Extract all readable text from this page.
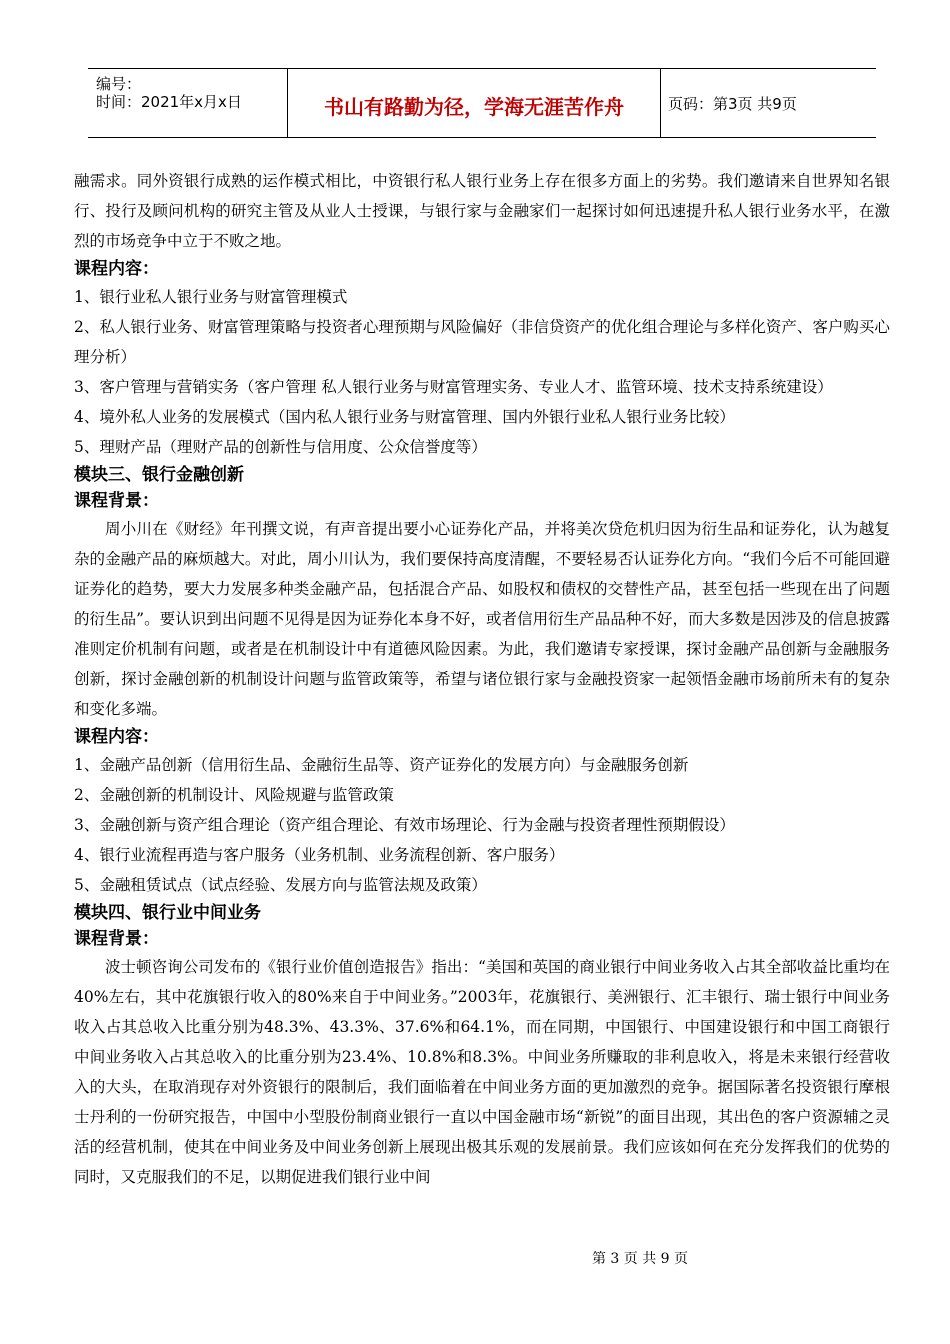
编号：
时间：2021年x月x日	书山有路勤为径，学海无涯苦作舟	页码：第3页 共9页

融需求。同外资银行成熟的运作模式相比，中资银行私人银行业务上存在很多方面上的劣势。我们邀请来自世界知名银行、投行及顾问机构的研究主管及从业人士授课，与银行家与金融家们一起探讨如何迅速提升私人银行业务水平，在激烈的市场竞争中立于不败之地。

课程内容：

1、银行业私人银行业务与财富管理模式

2、私人银行业务、财富管理策略与投资者心理预期与风险偏好（非信贷资产的优化组合理论与多样化资产、客户购买心理分析）

3、客户管理与营销实务（客户管理 私人银行业务与财富管理实务、专业人才、监管环境、技术支持系统建设）

4、境外私人业务的发展模式（国内私人银行业务与财富管理、国内外银行业私人银行业务比较）

5、理财产品（理财产品的创新性与信用度、公众信誉度等）

模块三、银行金融创新

课程背景：

周小川在《财经》年刊撰文说，有声音提出要小心证券化产品，并将美次贷危机归因为衍生品和证券化，认为越复杂的金融产品的麻烦越大。对此，周小川认为，我们要保持高度清醒，不要轻易否认证券化方向。“我们今后不可能回避证券化的趋势，要大力发展多种类金融产品，包括混合产品、如股权和债权的交替性产品，甚至包括一些现在出了问题的衍生品”。要认识到出问题不见得是因为证券化本身不好，或者信用衍生产品品种不好，而大多数是因涉及的信息披露准则定价机制有问题，或者是在机制设计中有道德风险因素。为此，我们邀请专家授课，探讨金融产品创新与金融服务创新，探讨金融创新的机制设计问题与监管政策等，希望与诸位银行家与金融投资家一起领悟金融市场前所未有的复杂和变化多端。

课程内容：

1、金融产品创新（信用衍生品、金融衍生品等、资产证券化的发展方向）与金融服务创新

2、金融创新的机制设计、风险规避与监管政策

3、金融创新与资产组合理论（资产组合理论、有效市场理论、行为金融与投资者理性预期假设）

4、银行业流程再造与客户服务（业务机制、业务流程创新、客户服务）

5、金融租赁试点（试点经验、发展方向与监管法规及政策）

模块四、银行业中间业务

课程背景：

波士顿咨询公司发布的《银行业价值创造报告》指出：“美国和英国的商业银行中间业务收入占其全部收益比重均在40%左右，其中花旗银行收入的80%来自于中间业务。”2003年，花旗银行、美洲银行、汇丰银行、瑞士银行中间业务收入占其总收入比重分别为48.3%、43.3%、37.6%和64.1%，而在同期，中国银行、中国建设银行和中国工商银行中间业务收入占其总收入的比重分别为23.4%、10.8%和8.3%。中间业务所赚取的非利息收入，将是未来银行经营收入的大头，在取消现存对外资银行的限制后，我们面临着在中间业务方面的更加激烈的竞争。据国际著名投资银行摩根士丹利的一份研究报告，中国中小型股份制商业银行一直以中国金融市场“新锐”的面目出现，其出色的客户资源辅之灵活的经营机制，使其在中间业务及中间业务创新上展现出极其乐观的发展前景。我们应该如何在充分发挥我们的优势的同时，又克服我们的不足，以期促进我们银行业中间

第 3 页 共 9 页
